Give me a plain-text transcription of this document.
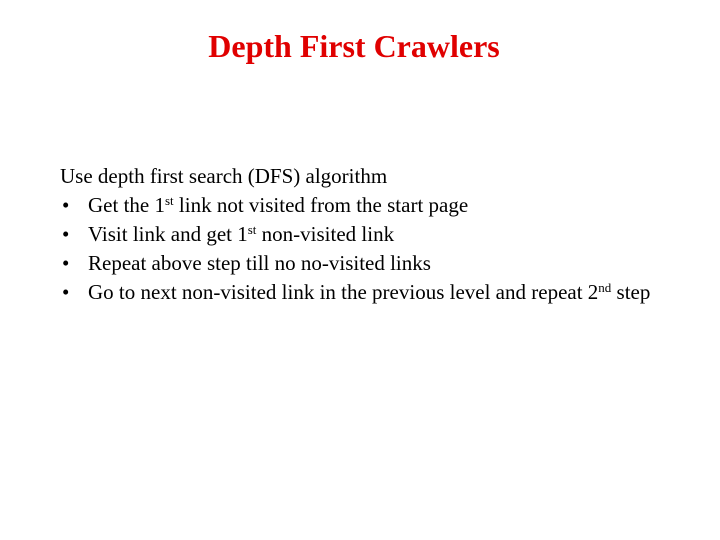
Depth First Crawlers

Use depth first search (DFS) algorithm

• Get the 1st link not visited from the start page
• Visit link and get 1st non-visited link
• Repeat above step till no no-visited links
• Go to next non-visited link in the previous level and repeat 2nd step
